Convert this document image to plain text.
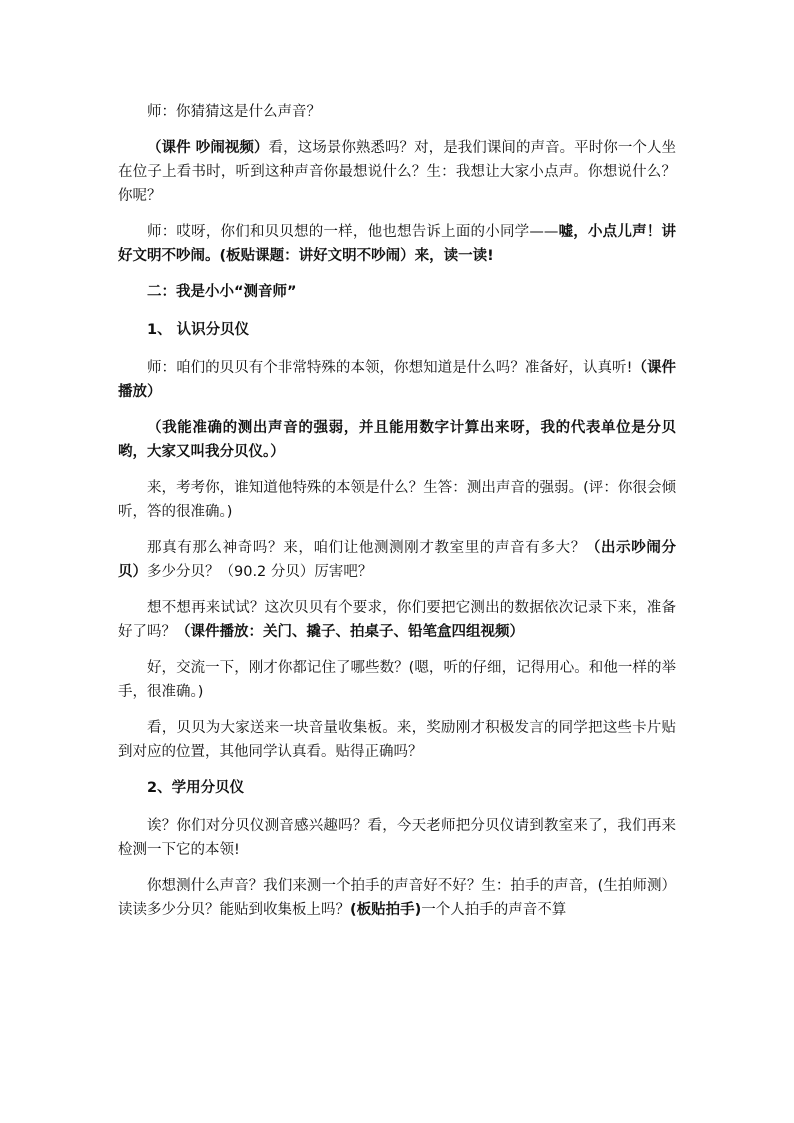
师：你猜猜这是什么声音？

（课件 吵闹视频）看，这场景你熟悉吗？对，是我们课间的声音。平时你一个人坐在位子上看书时，听到这种声音你最想说什么？生：我想让大家小点声。你想说什么？你呢？

师：哎呀，你们和贝贝想的一样，他也想告诉上面的小同学——嘘，小点儿声！讲好文明不吵闹。(板贴课题：讲好文明不吵闹）来，读一读!

二：我是小小“测音师”

1、 认识分贝仪

师：咱们的贝贝有个非常特殊的本领，你想知道是什么吗？准备好，认真听!（课件播放）

（我能准确的测出声音的强弱，并且能用数字计算出来呀，我的代表单位是分贝哟，大家又叫我分贝仪。）

来，考考你，谁知道他特殊的本领是什么？生答：测出声音的强弱。(评：你很会倾听，答的很准确。)

那真有那么神奇吗？来，咱们让他测测刚才教室里的声音有多大？（出示吵闹分贝）多少分贝？（90.2 分贝）厉害吧？

想不想再来试试？这次贝贝有个要求，你们要把它测出的数据依次记录下来，准备好了吗？（课件播放：关门、撬子、拍桌子、铅笔盒四组视频）

好，交流一下，刚才你都记住了哪些数？(嗯，听的仔细，记得用心。和他一样的举手，很准确。)

看，贝贝为大家送来一块音量收集板。来，奖励刚才积极发言的同学把这些卡片贴到对应的位置，其他同学认真看。贴得正确吗？

2、学用分贝仪

诶？你们对分贝仪测音感兴趣吗？看，今天老师把分贝仪请到教室来了，我们再来检测一下它的本领!

你想测什么声音？我们来测一个拍手的声音好不好？生：拍手的声音，(生拍师测）读读多少分贝？能贴到收集板上吗？(板贴拍手)一个人拍手的声音不算
